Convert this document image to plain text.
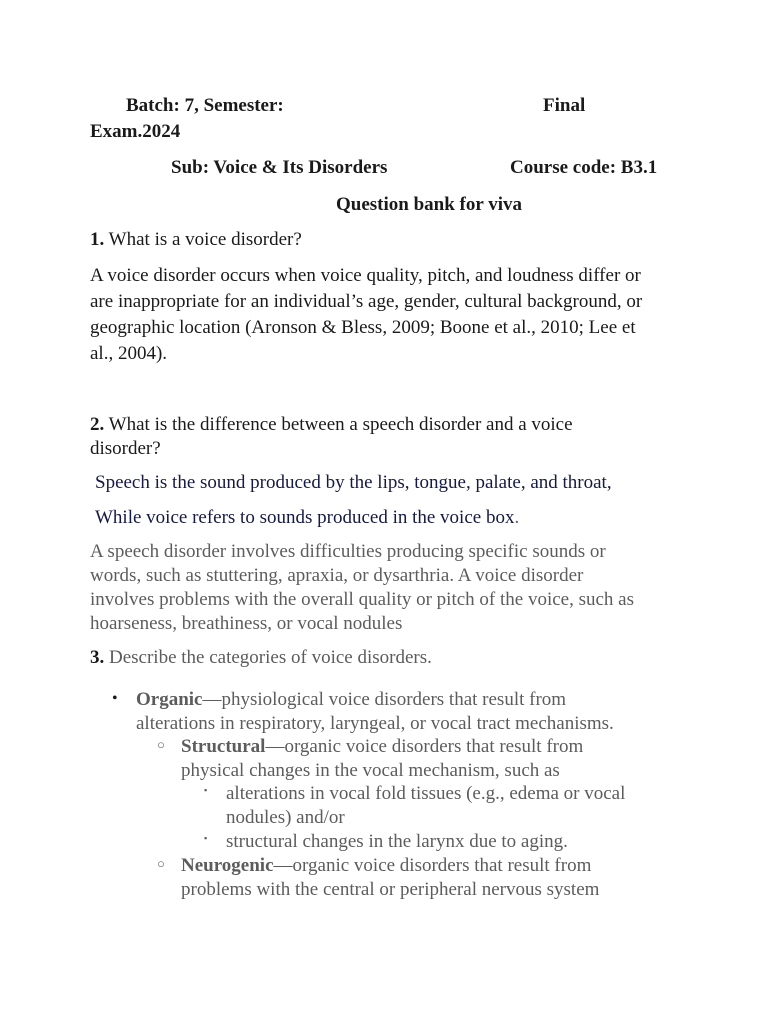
Batch: 7, Semester:	Final
Exam.2024
Sub: Voice & Its Disorders	Course code: B3.1
Question bank for viva
1. What is a voice disorder?
A voice disorder occurs when voice quality, pitch, and loudness differ or
are inappropriate for an individual’s age, gender, cultural background, or
geographic location (Aronson & Bless, 2009; Boone et al., 2010; Lee et
al., 2004).
2. What is the difference between a speech disorder and a voice
disorder?
Speech is the sound produced by the lips, tongue, palate, and throat,
While voice refers to sounds produced in the voice box.
A speech disorder involves difficulties producing specific sounds or
words, such as stuttering, apraxia, or dysarthria. A voice disorder
involves problems with the overall quality or pitch of the voice, such as
hoarseness, breathiness, or vocal nodules
3. Describe the categories of voice disorders.
• Organic—physiological voice disorders that result from
alterations in respiratory, laryngeal, or vocal tract mechanisms.
○ Structural—organic voice disorders that result from
physical changes in the vocal mechanism, such as
▪ alterations in vocal fold tissues (e.g., edema or vocal
nodules) and/or
▪ structural changes in the larynx due to aging.
○ Neurogenic—organic voice disorders that result from
problems with the central or peripheral nervous system
